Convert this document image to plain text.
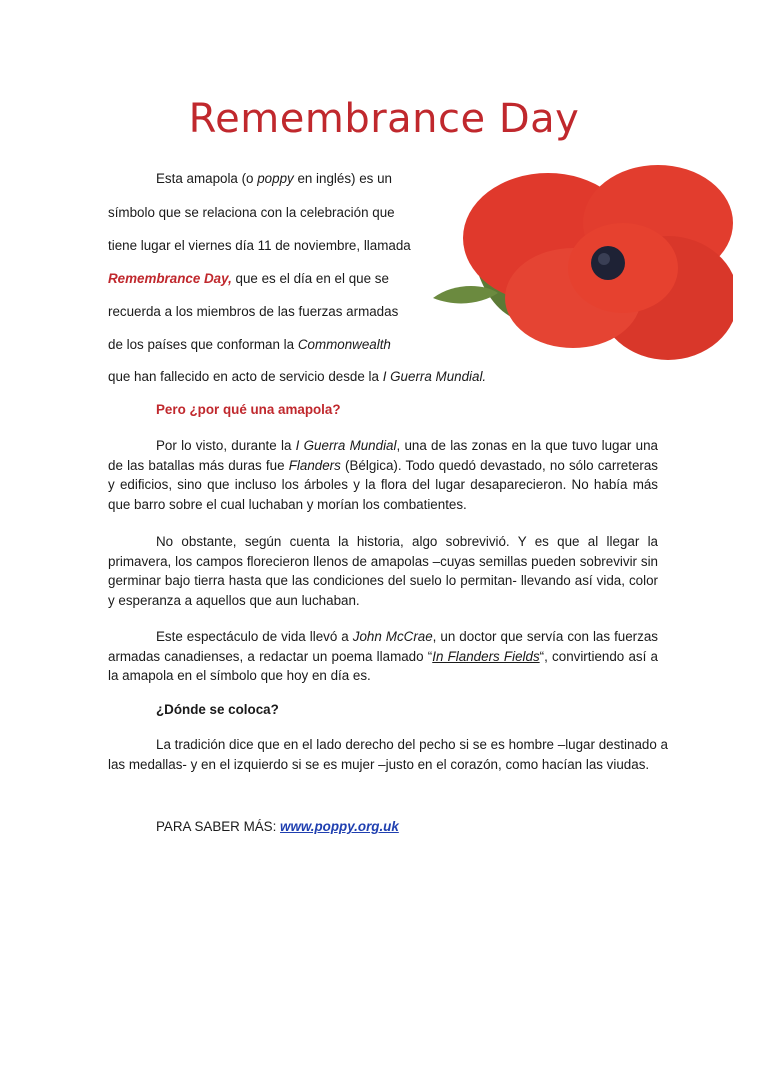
Remembrance Day
Esta amapola (o poppy en inglés) es un
símbolo que se relaciona con la celebración que
tiene lugar el viernes día 11 de noviembre, llamada
Remembrance Day, que es el día en el que se
recuerda a los miembros de las fuerzas armadas
de los países que conforman la Commonwealth
que han fallecido en acto de servicio desde la I Guerra Mundial.
Pero ¿por qué una amapola?

Por lo visto, durante la I Guerra Mundial, una de las zonas en la que tuvo lugar una de las batallas más duras fue Flanders (Bélgica). Todo quedó devastado, no sólo carreteras y edificios, sino que incluso los árboles y la flora del lugar desaparecieron. No había más que barro sobre el cual luchaban y morían los combatientes.

No obstante, según cuenta la historia, algo sobrevivió. Y es que al llegar la primavera, los campos florecieron llenos de amapolas –cuyas semillas pueden sobrevivir sin germinar bajo tierra hasta que las condiciones del suelo lo permitan- llevando así vida, color y esperanza a aquellos que aun luchaban.

Este espectáculo de vida llevó a John McCrae, un doctor que servía con las fuerzas armadas canadienses, a redactar un poema llamado “In Flanders Fields“, convirtiendo así a la amapola en el símbolo que hoy en día es.

¿Dónde se coloca?

La tradición dice que en el lado derecho del pecho si se es hombre –lugar destinado a las medallas- y en el izquierdo si se es mujer –justo en el corazón, como hacían las viudas.

PARA SABER MÁS: www.poppy.org.uk
